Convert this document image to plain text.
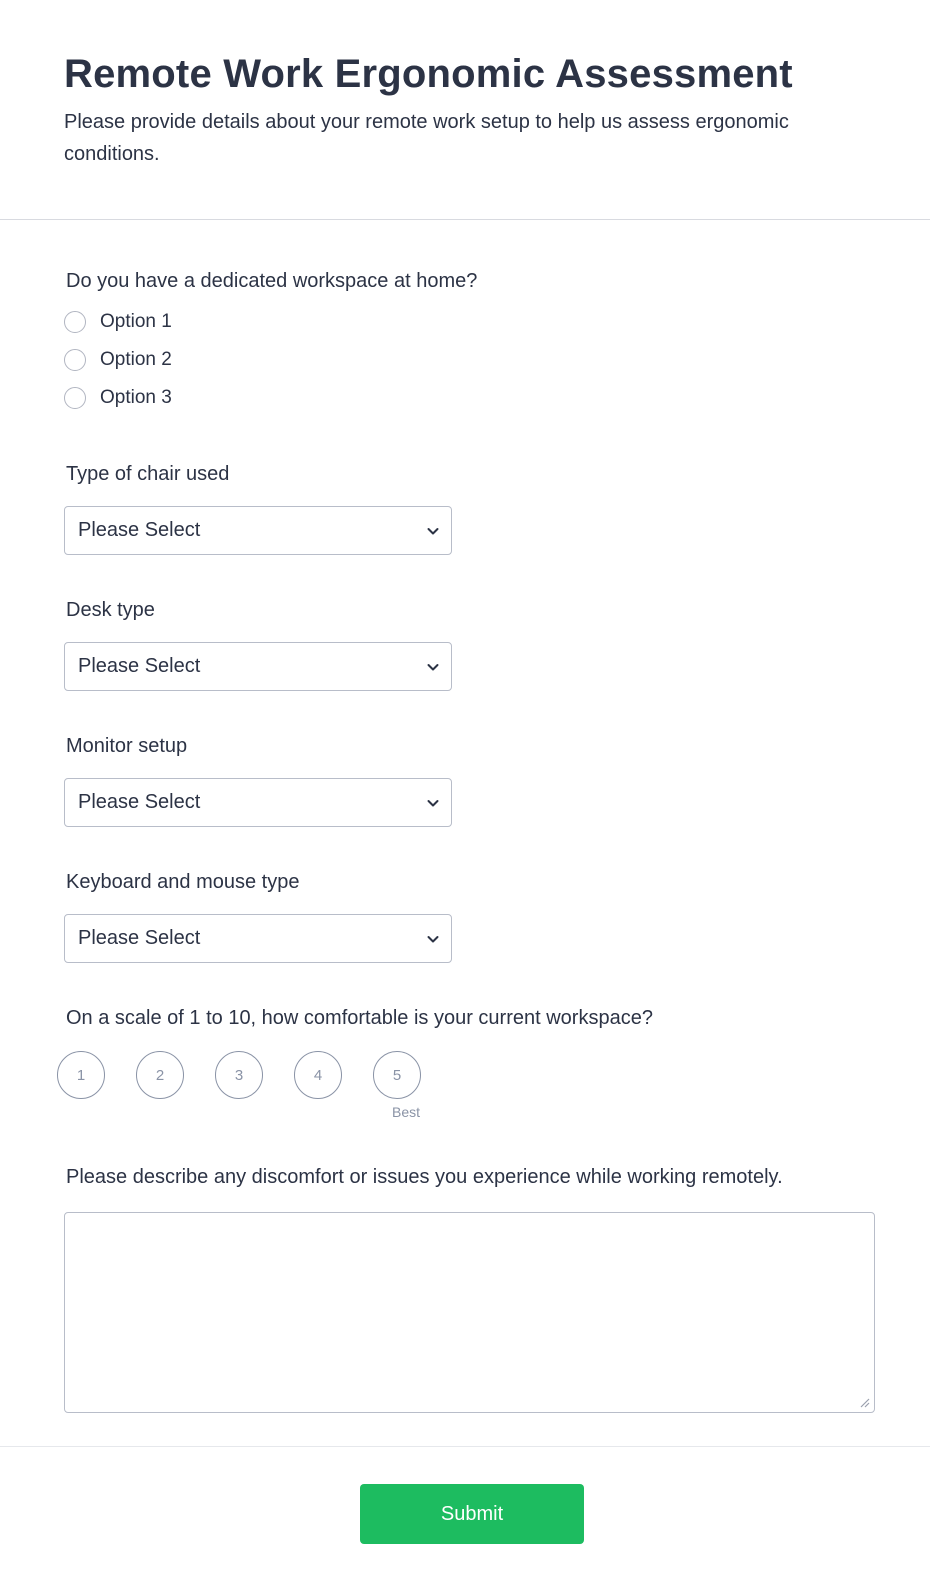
Remote Work Ergonomic Assessment

Please provide details about your remote work setup to help us assess ergonomic conditions.

Do you have a dedicated workspace at home?

Option 1
Option 2
Option 3

Type of chair used

Please Select

Desk type

Please Select

Monitor setup

Please Select

Keyboard and mouse type

Please Select

On a scale of 1 to 10, how comfortable is your current workspace?

1	2	3	4	5
Best

Please describe any discomfort or issues you experience while working remotely.

Submit
